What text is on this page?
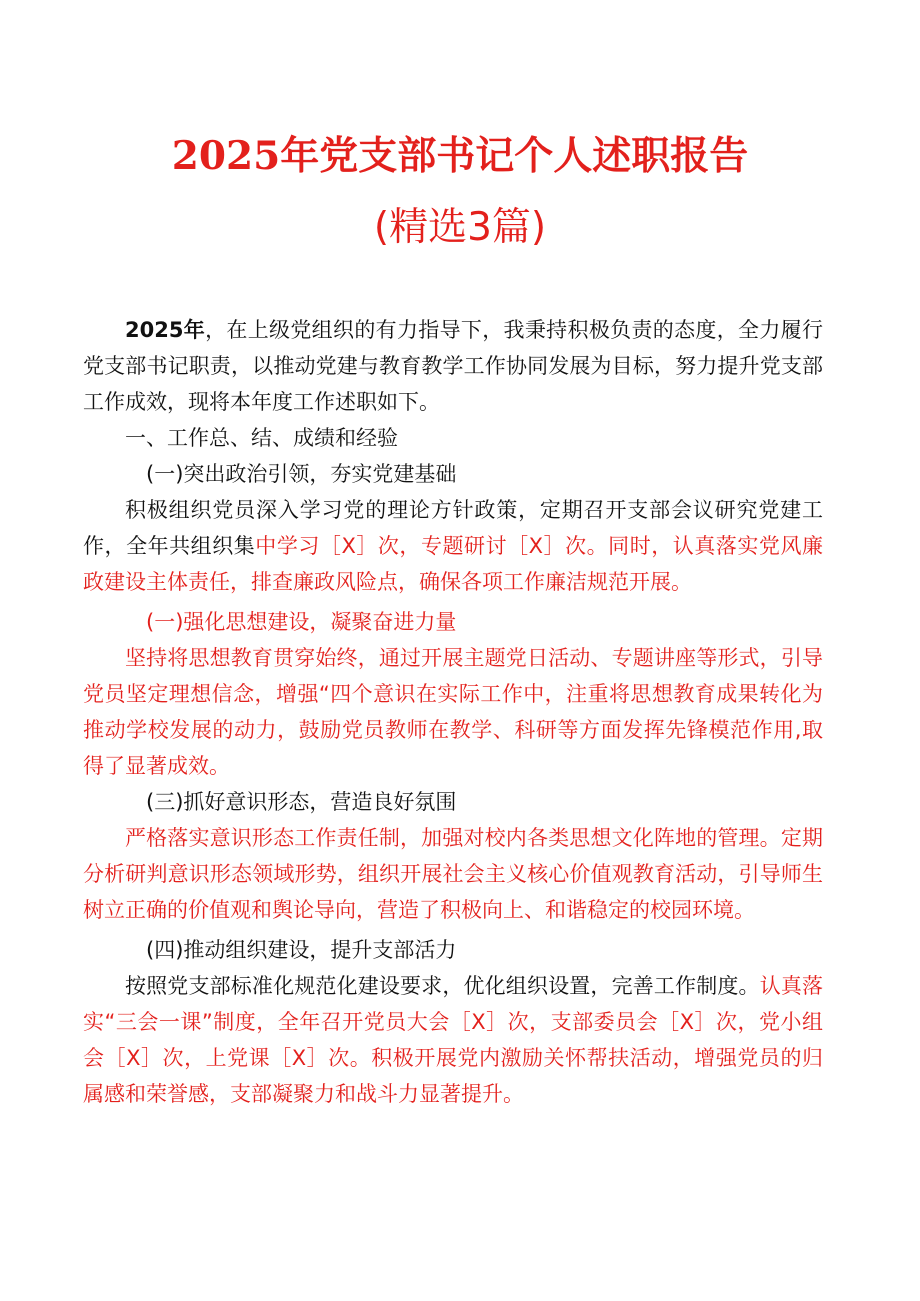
2025年党支部书记个人述职报告
(精选3篇)

2025年，在上级党组织的有力指导下，我秉持积极负责的态度，全力履行党支部书记职责，以推动党建与教育教学工作协同发展为目标，努力提升党支部工作成效，现将本年度工作述职如下。

一、工作总、结、成绩和经验

(一)突出政治引领，夯实党建基础

积极组织党员深入学习党的理论方针政策，定期召开支部会议研究党建工作，全年共组织集中学习［X］次，专题研讨［X］次。同时，认真落实党风廉政建设主体责任，排查廉政风险点，确保各项工作廉洁规范开展。

(一)强化思想建设，凝聚奋进力量

坚持将思想教育贯穿始终，通过开展主题党日活动、专题讲座等形式，引导党员坚定理想信念，增强“四个意识在实际工作中，注重将思想教育成果转化为推动学校发展的动力，鼓励党员教师在教学、科研等方面发挥先锋模范作用,取得了显著成效。

(三)抓好意识形态，营造良好氛围

严格落实意识形态工作责任制，加强对校内各类思想文化阵地的管理。定期分析研判意识形态领域形势，组织开展社会主义核心价值观教育活动，引导师生树立正确的价值观和舆论导向，营造了积极向上、和谐稳定的校园环境。

(四)推动组织建设，提升支部活力

按照党支部标准化规范化建设要求，优化组织设置，完善工作制度。认真落实“三会一课”制度，全年召开党员大会［X］次，支部委员会［X］次，党小组会［X］次，上党课［X］次。积极开展党内激励关怀帮扶活动，增强党员的归属感和荣誉感，支部凝聚力和战斗力显著提升。
